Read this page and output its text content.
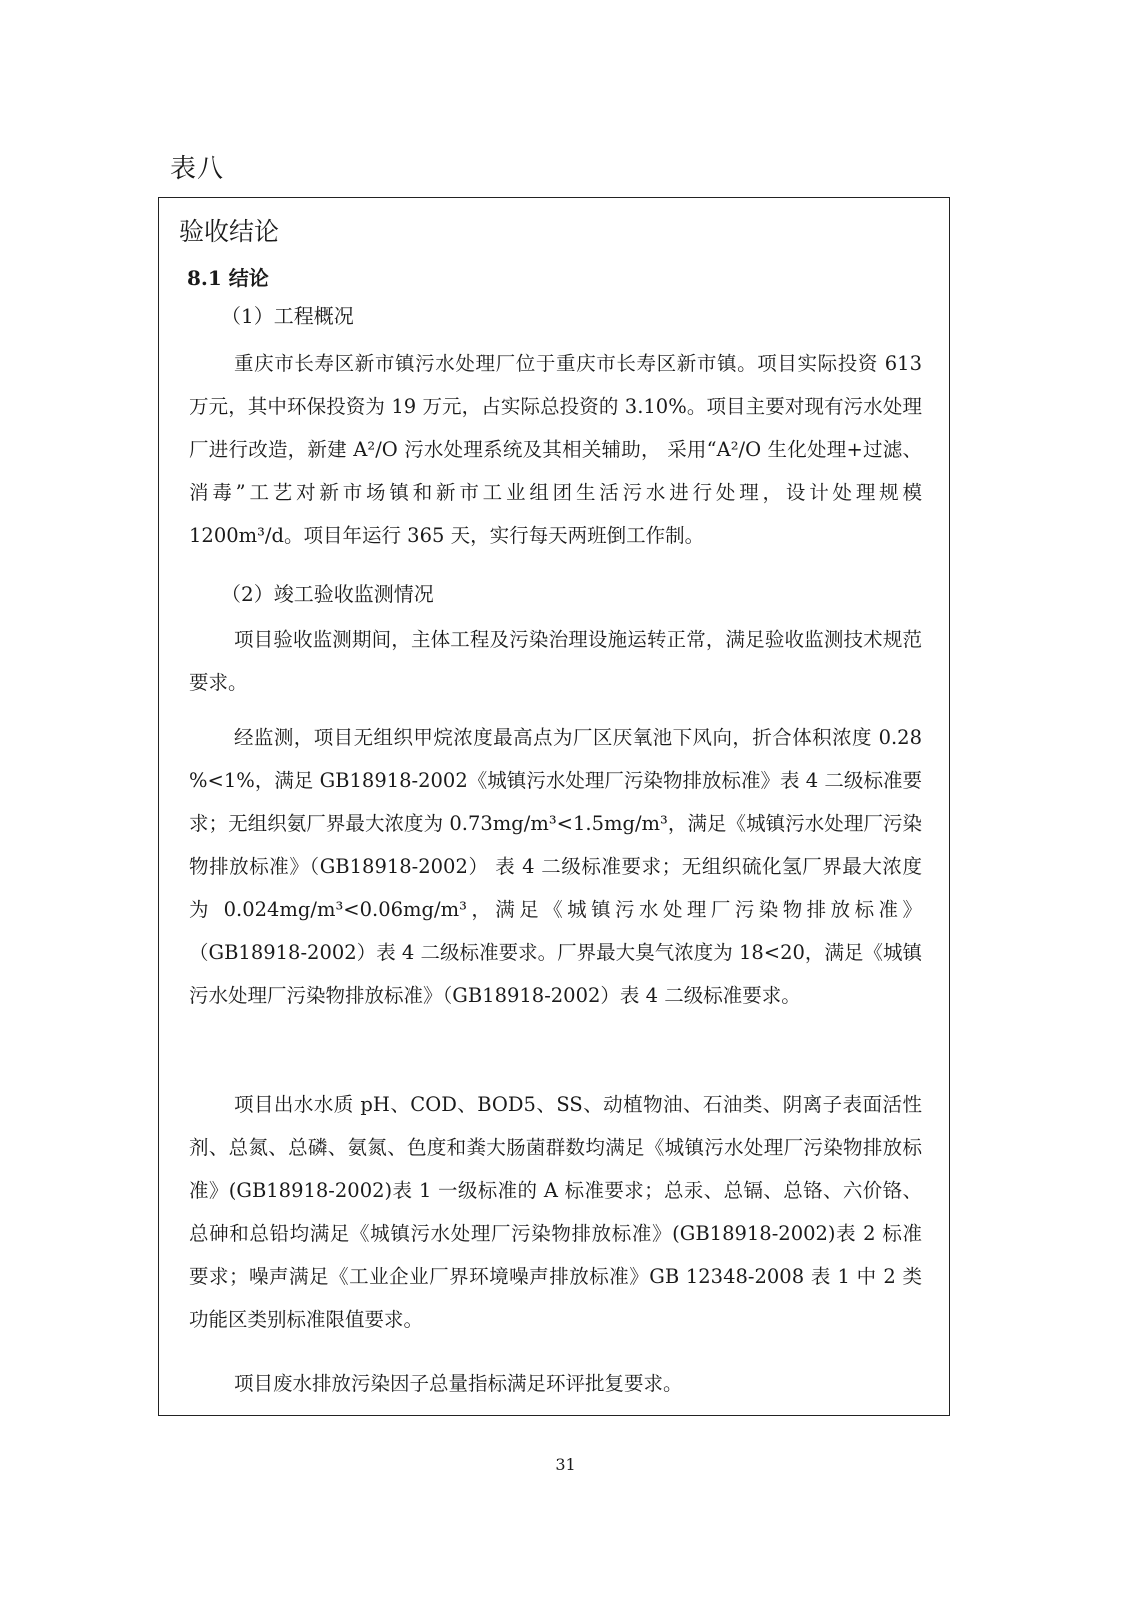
表八
验收结论
8.1 结论
（1）工程概况

重庆市长寿区新市镇污水处理厂位于重庆市长寿区新市镇。项目实际投资 613 万元，其中环保投资为 19 万元，占实际总投资的 3.10%。项目主要对现有污水处理厂进行改造，新建 A²/O 污水处理系统及其相关辅助， 采用“A²/O 生化处理+过滤、消毒”工艺对新市场镇和新市工业组团生活污水进行处理，设计处理规模 1200m³/d。项目年运行 365 天，实行每天两班倒工作制。

（2）竣工验收监测情况

项目验收监测期间，主体工程及污染治理设施运转正常，满足验收监测技术规范要求。

经监测，项目无组织甲烷浓度最高点为厂区厌氧池下风向，折合体积浓度 0.28 %<1%，满足 GB18918-2002《城镇污水处理厂污染物排放标准》表 4 二级标准要求；无组织氨厂界最大浓度为 0.73mg/m³<1.5mg/m³，满足《城镇污水处理厂污染物排放标准》（GB18918-2002） 表 4 二级标准要求；无组织硫化氢厂界最大浓度为 0.024mg/m³<0.06mg/m³，满足《城镇污水处理厂污染物排放标准》（GB18918-2002）表 4 二级标准要求。厂界最大臭气浓度为 18<20，满足《城镇污水处理厂污染物排放标准》（GB18918-2002）表 4 二级标准要求。

项目出水水质 pH、COD、BOD5、SS、动植物油、石油类、阴离子表面活性剂、总氮、总磷、氨氮、色度和粪大肠菌群数均满足《城镇污水处理厂污染物排放标准》(GB18918-2002)表 1 一级标准的 A 标准要求；总汞、总镉、总铬、六价铬、总砷和总铅均满足《城镇污水处理厂污染物排放标准》(GB18918-2002)表 2 标准要求；噪声满足《工业企业厂界环境噪声排放标准》GB 12348-2008 表 1 中 2 类功能区类别标准限值要求。

项目废水排放污染因子总量指标满足环评批复要求。

31
